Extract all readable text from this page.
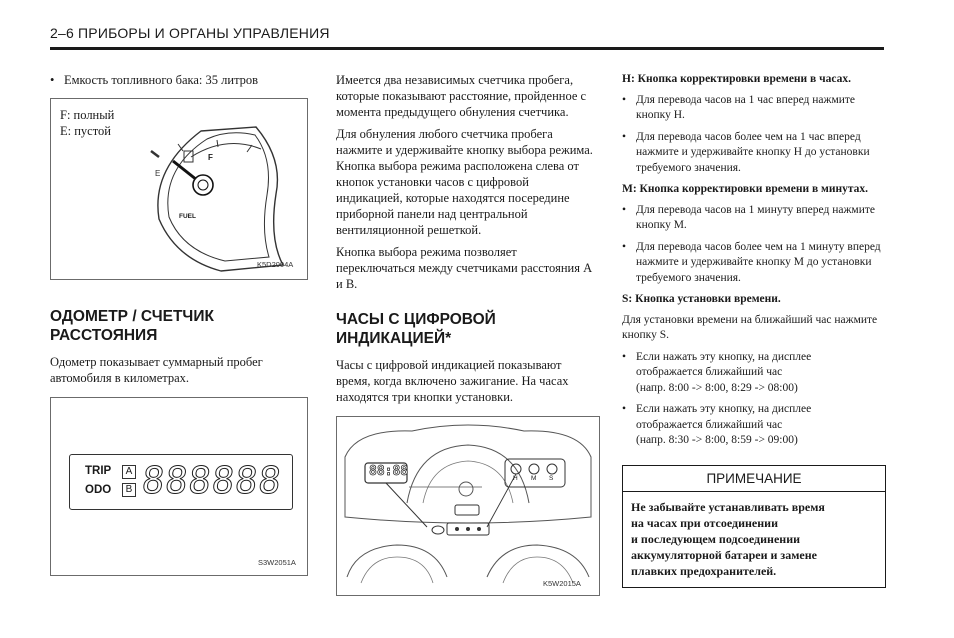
2–6 ПРИБОРЫ И ОРГАНЫ УПРАВЛЕНИЯ
• Емкость топливного бака: 35 литров
F: полный
E: пустой
E
F
FUEL
K5D2004A
ОДОМЕТР / СЧЕТЧИК
РАССТОЯНИЯ

Одометр показывает суммарный пробег автомобиля в километрах.

TRIP
ODO
A
B 888888
S3W2051A

Имеется два независимых счетчика пробега, которые показывают расстояние, пройденное с момента предыдущего обнуления счетчика.

Для обнуления любого счетчика пробега нажмите и удерживайте кнопку выбора режима. Кнопка выбора режима расположена слева от кнопок установки часов с цифровой индикацией, которые находятся посередине приборной панели над центральной вентиляционной решеткой.

Кнопка выбора режима позволяет переключаться между счетчиками расстояния А и В.

ЧАСЫ С ЦИФРОВОЙ
ИНДИКАЦИЕЙ*

Часы с цифровой индикацией показывают время, когда включено зажигание. На часах находятся три кнопки установки.

88:88	H M S
K5W2015A
Н: Кнопка корректировки времени в часах.
• Для перевода часов на 1 час вперед нажмите кнопку Н.
• Для перевода часов более чем на 1 час вперед нажмите и удерживайте кнопку Н до установки требуемого значения.
М: Кнопка корректировки времени в минутах.
• Для перевода часов на 1 минуту вперед нажмите кнопку М.
• Для перевода часов более чем на 1 минуту вперед нажмите и удерживайте кнопку М до установки требуемого значения.
S: Кнопка установки времени.

Для установки времени на ближайший час нажмите кнопку S.

• Если нажать эту кнопку, на дисплее
отображается ближайший час
(напр. 8:00 -> 8:00, 8:29 -> 08:00)
• Если нажать эту кнопку, на дисплее
отображается ближайший час
(напр. 8:30 -> 8:00, 8:59 -> 09:00)
ПРИМЕЧАНИЕ
Не забывайте устанавливать время
на часах при отсоединении
и последующем подсоединении
аккумуляторной батареи и замене
плавких предохранителей.
